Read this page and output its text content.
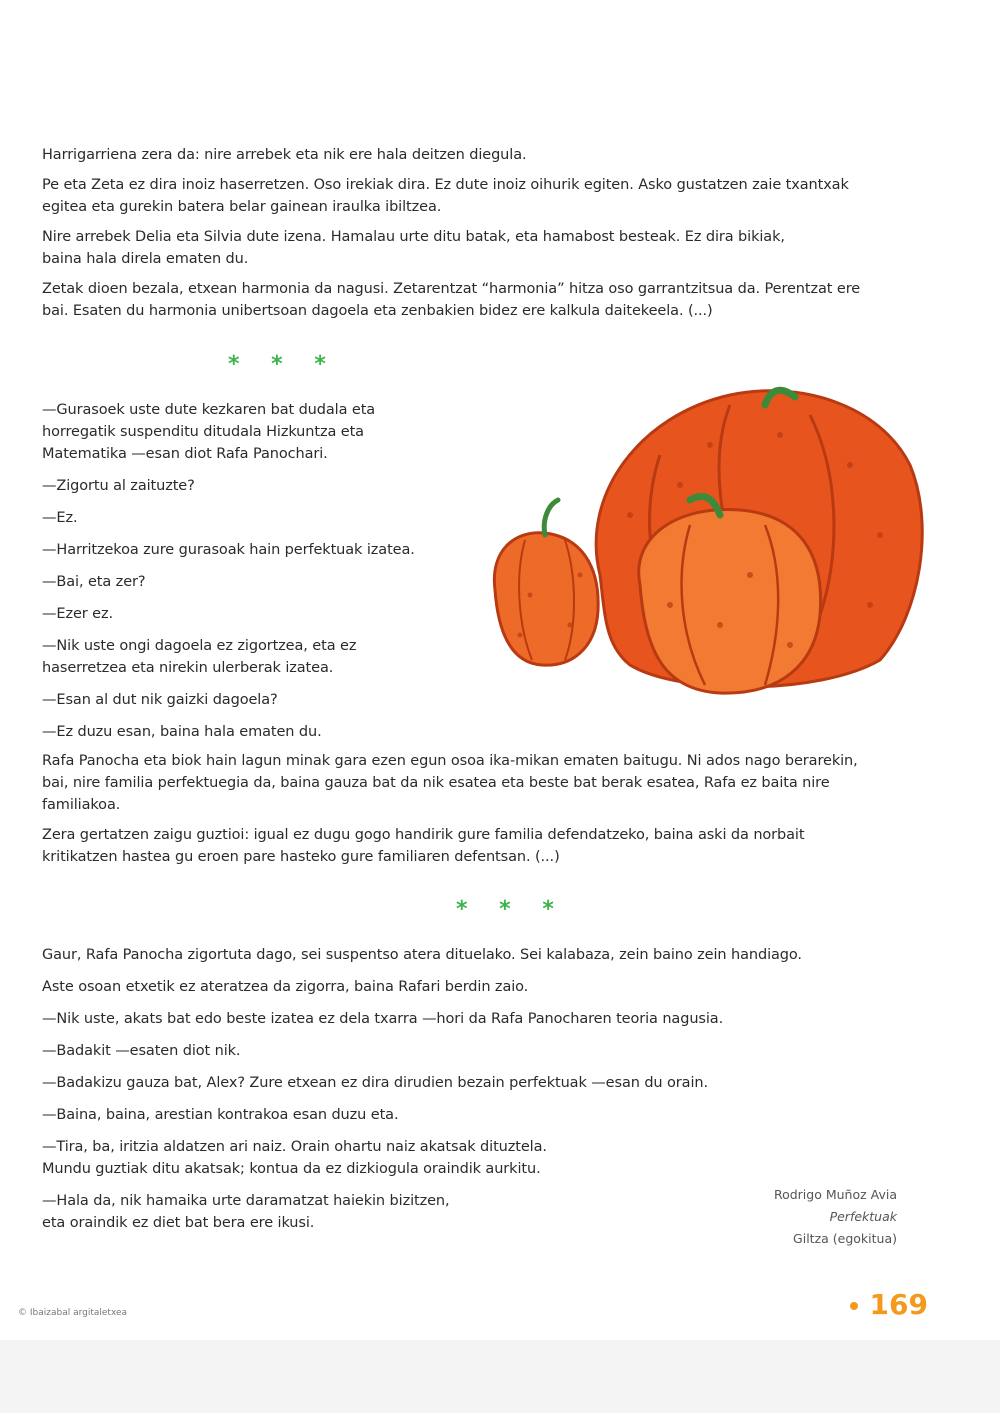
Harrigarriena zera da: nire arrebek eta nik ere hala deitzen diegula.

Pe eta Zeta ez dira inoiz haserretzen. Oso irekiak dira. Ez dute inoiz oihurik egiten. Asko gustatzen zaie txantxak
egitea eta gurekin batera belar gainean iraulka ibiltzea.

Nire arrebek Delia eta Silvia dute izena. Hamalau urte ditu batak, eta hamabost besteak. Ez dira bikiak,
baina hala direla ematen du.

Zetak dioen bezala, etxean harmonia da nagusi. Zetarentzat “harmonia” hitza oso garrantzitsua da. Perentzat ere
bai. Esaten du harmonia unibertsoan dagoela eta zenbakien bidez ere kalkula daitekeela. (...)

* * *

—Gurasoek uste dute kezkaren bat dudala eta
horregatik suspenditu ditudala Hizkuntza eta
Matematika —esan diot Rafa Panochari.

—Zigortu al zaituzte?

—Ez.

—Harritzekoa zure gurasoak hain perfektuak izatea.

—Bai, eta zer?

—Ezer ez.

—Nik uste ongi dagoela ez zigortzea, eta ez
haserretzea eta nirekin ulerberak izatea.

—Esan al dut nik gaizki dagoela?

—Ez duzu esan, baina hala ematen du.

Rafa Panocha eta biok hain lagun minak gara ezen egun osoa ika-mikan ematen baitugu. Ni ados nago berarekin,
bai, nire familia perfektuegia da, baina gauza bat da nik esatea eta beste bat berak esatea, Rafa ez baita nire
familiakoa.

Zera gertatzen zaigu guztioi: igual ez dugu gogo handirik gure familia defendatzeko, baina aski da norbait
kritikatzen hastea gu eroen pare hasteko gure familiaren defentsan. (...)

* * *

Gaur, Rafa Panocha zigortuta dago, sei suspentso atera dituelako. Sei kalabaza, zein baino zein handiago.

Aste osoan etxetik ez ateratzea da zigorra, baina Rafari berdin zaio.

—Nik uste, akats bat edo beste izatea ez dela txarra —hori da Rafa Panocharen teoria nagusia.

—Badakit —esaten diot nik.

—Badakizu gauza bat, Alex? Zure etxean ez dira dirudien bezain perfektuak —esan du orain.

—Baina, baina, arestian kontrakoa esan duzu eta.

—Tira, ba, iritzia aldatzen ari naiz. Orain ohartu naiz akatsak dituztela.
Mundu guztiak ditu akatsak; kontua da ez dizkiogula oraindik aurkitu.

—Hala da, nik hamaika urte daramatzat haiekin bizitzen,
eta oraindik ez diet bat bera ere ikusi.

Rodrigo Muñoz Avia
Perfektuak
Giltza (egokitua)
© Ibaizabal argitaletxea	169
